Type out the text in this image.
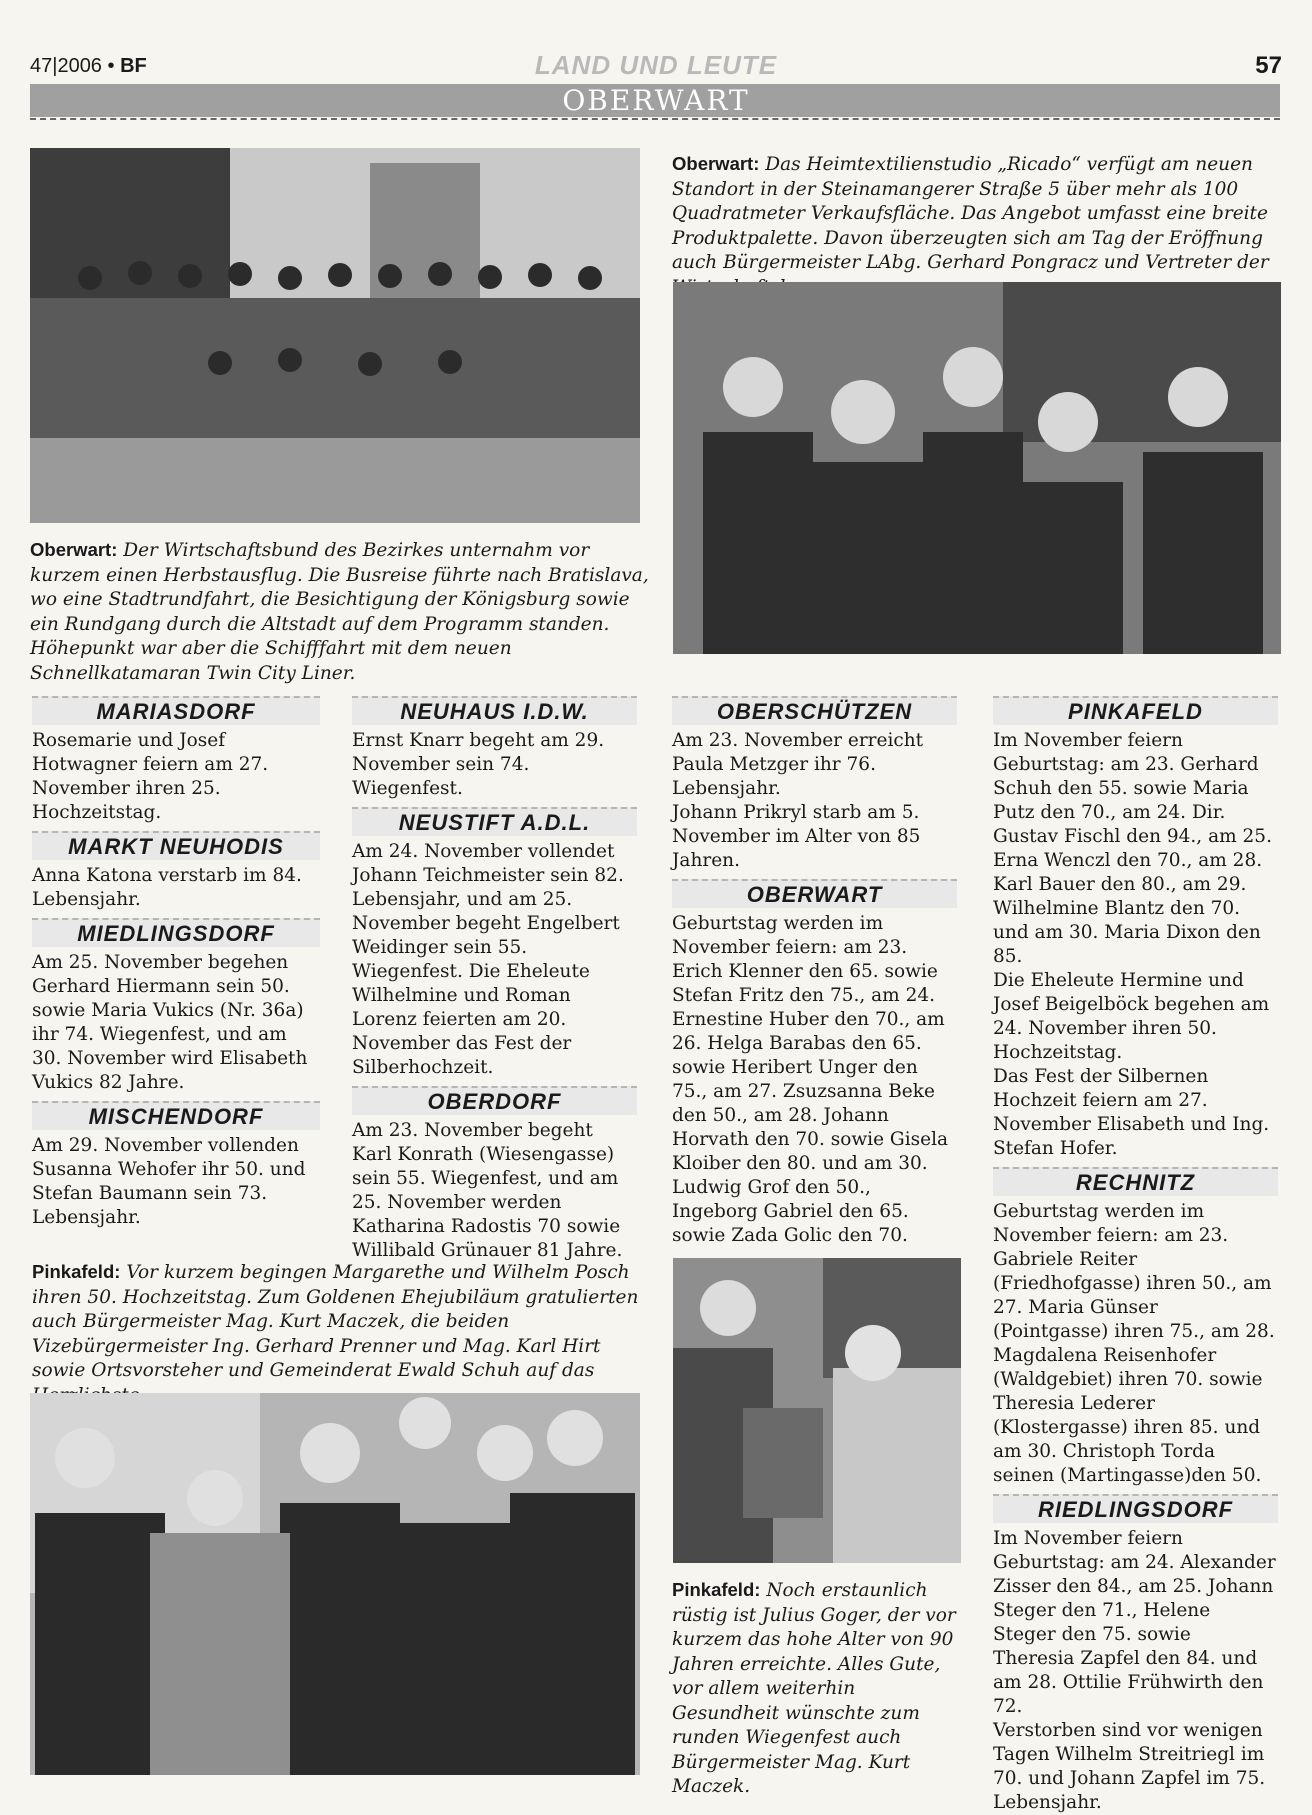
47|2006 • BF	LAND UND LEUTE	57
OBERWART
Oberwart: Der Wirtschaftsbund des Bezirkes unternahm vor kurzem einen Herbstausflug. Die Busreise führte nach Bratislava, wo eine Stadtrundfahrt, die Besichtigung der Königsburg sowie ein Rundgang durch die Altstadt auf dem Programm standen. Höhepunkt war aber die Schifffahrt mit dem neuen Schnellkatamaran Twin City Liner.
Oberwart: Das Heimtextilienstudio „Ricado“ verfügt am neuen Standort in der Steinamangerer Straße 5 über mehr als 100 Quadratmeter Verkaufsfläche. Das Angebot umfasst eine breite Produktpalette. Davon überzeugten sich am Tag der Eröffnung auch Bürgermeister LAbg. Gerhard Pongracz und Vertreter der
MARIASDORF

Rosemarie und Josef Hotwagner feiern am 27. November ihren 25. Hochzeitstag.

MARKT NEUHODIS

Anna Katona verstarb im 84. Lebensjahr.

MIEDLINGSDORF

Am 25. November begehen Gerhard Hiermann sein 50. sowie Maria Vukics (Nr. 36a) ihr 74. Wiegenfest, und am 30. November wird Elisabeth Vukics 82 Jahre.

MISCHENDORF

Am 29. November vollenden Susanna Wehofer ihr 50. und Stefan Baumann sein 73. Lebensjahr.

NEUHAUS I.D.W.

Ernst Knarr begeht am 29. November sein 74. Wiegenfest.

NEUSTIFT A.D.L.

Am 24. November vollendet Johann Teichmeister sein 82. Lebensjahr, und am 25. November begeht Engelbert Weidinger sein 55. Wiegenfest. Die Eheleute Wilhelmine und Roman Lorenz feierten am 20. November das Fest der Silberhochzeit.

OBERDORF

Am 23. November begeht Karl Konrath (Wiesengasse) sein 55. Wiegenfest, und am 25. November werden Katharina Radostis 70 sowie Willibald Grünauer 81 Jahre.

OBERSCHÜTZEN

Am 23. November erreicht Paula Metzger ihr 76. Lebensjahr.
Johann Prikryl starb am 5. November im Alter von 85 Jahren.

OBERWART

Geburtstag werden im November feiern: am 23. Erich Klenner den 65. sowie Stefan Fritz den 75., am 24. Ernestine Huber den 70., am 26. Helga Barabas den 65. sowie Heribert Unger den 75., am 27. Zsuzsanna Beke den 50., am 28. Johann Horvath den 70. sowie Gisela Kloiber den 80. und am 30. Ludwig Grof den 50., Ingeborg Gabriel den 65. sowie Zada Golic den 70.

PINKAFELD

Im November feiern Geburtstag: am 23. Gerhard Schuh den 55. sowie Maria Putz den 70., am 24. Dir. Gustav Fischl den 94., am 25. Erna Wenczl den 70., am 28. Karl Bauer den 80., am 29. Wilhelmine Blantz den 70. und am 30. Maria Dixon den 85.
Die Eheleute Hermine und Josef Beigelböck begehen am 24. November ihren 50. Hochzeitstag.
Das Fest der Silbernen Hochzeit feiern am 27. November Elisabeth und Ing. Stefan Hofer.

RECHNITZ

Geburtstag werden im November feiern: am 23. Gabriele Reiter (Friedhofgasse) ihren 50., am 27. Maria Günser (Pointgasse) ihren 75., am 28. Magdalena Reisenhofer (Waldgebiet) ihren 70. sowie Theresia Lederer (Klostergasse) ihren 85. und am 30. Christoph Torda seinen (Martingasse)den 50.

RIEDLINGSDORF

Im November feiern Geburtstag: am 24. Alexander Zisser den 84., am 25. Johann Steger den 71., Helene Steger den 75. sowie Theresia Zapfel den 84. und am 28. Ottilie Frühwirth den 72.
Verstorben sind vor wenigen Tagen Wilhelm Streitriegl im 70. und Johann Zapfel im 75. Lebensjahr.

Pinkafeld: Vor kurzem begingen Margarethe und Wilhelm Posch ihren 50. Hochzeitstag. Zum Goldenen Ehejubiläum gratulierten auch Bürgermeister Mag. Kurt Maczek, die beiden Vizebürgermeister Ing. Gerhard Prenner und Mag. Karl Hirt sowie Ortsvorsteher und Gemeinderat Ewald Schuh auf das
Pinkafeld: Noch erstaunlich rüstig ist Julius Goger, der vor kurzem das hohe Alter von 90 Jahren erreichte. Alles Gute, vor allem weiterhin Gesundheit wünschte zum runden Wiegenfest auch Bürgermeister Mag. Kurt Maczek.
